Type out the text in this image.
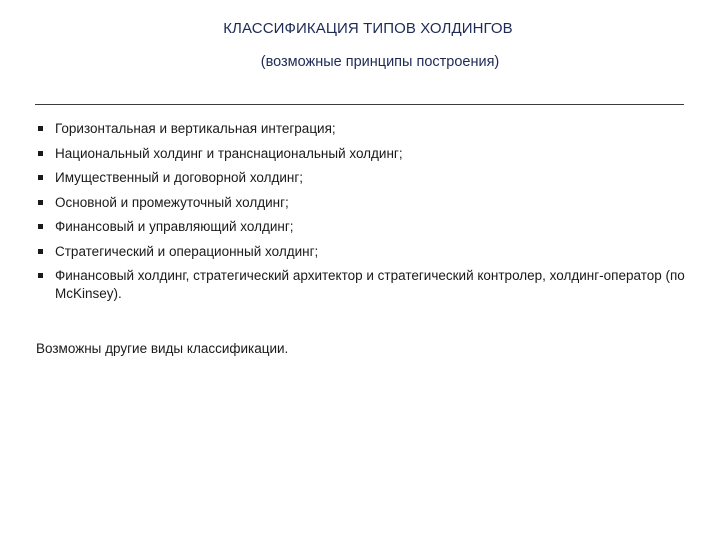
КЛАССИФИКАЦИЯ ТИПОВ ХОЛДИНГОВ
(возможные принципы построения)
Горизонтальная и вертикальная интеграция;
Национальный холдинг и транснациональный холдинг;
Имущественный и договорной холдинг;
Основной и промежуточный холдинг;
Финансовый и управляющий холдинг;
Стратегический и операционный холдинг;
Финансовый холдинг, стратегический архитектор и стратегический контролер, холдинг-оператор (по McKinsey).
Возможны другие виды классификации.
